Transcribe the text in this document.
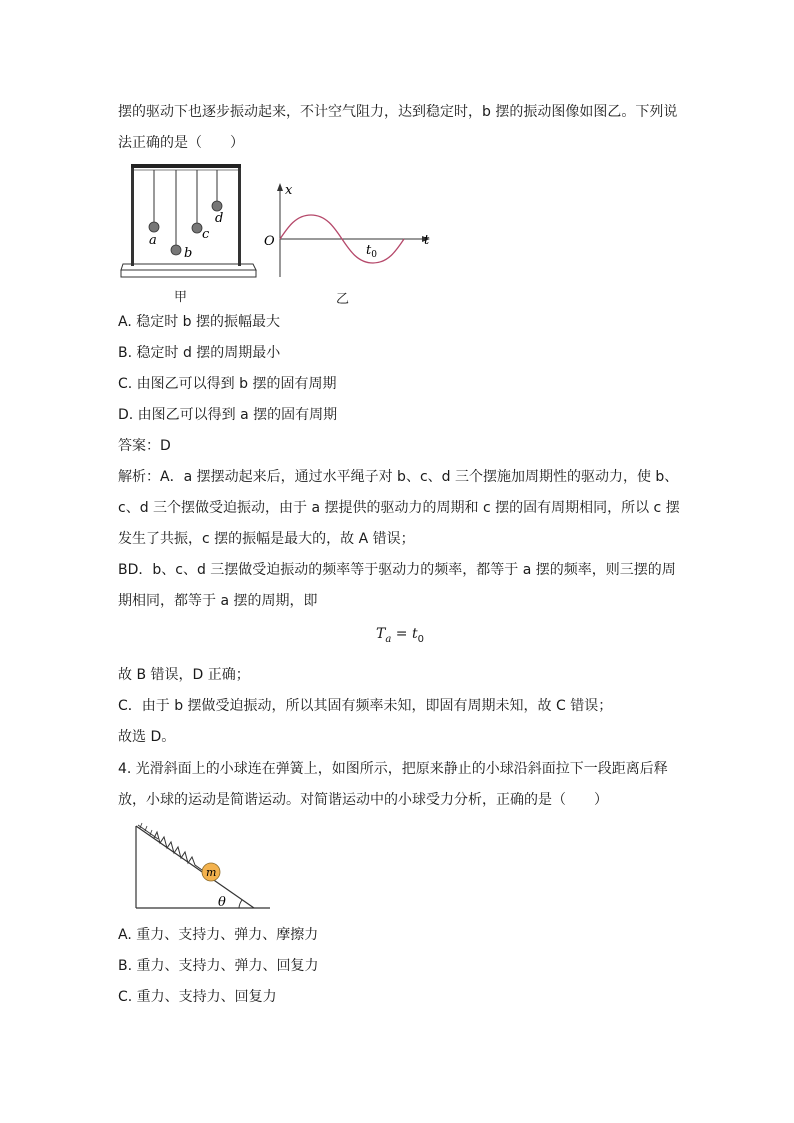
摆的驱动下也逐步振动起来，不计空气阻力，达到稳定时，b 摆的振动图像如图乙。下列说
法正确的是（　　）
a
b
c
d
甲
x
t
O
$t_0$
乙
A. 稳定时 b 摆的振幅最大
B. 稳定时 d 摆的周期最小
C. 由图乙可以得到 b 摆的固有周期
D. 由图乙可以得到 a 摆的固有周期
答案：D
解析：A．a 摆摆动起来后，通过水平绳子对 b、c、d 三个摆施加周期性的驱动力，使 b、
c、d 三个摆做受迫振动，由于 a 摆提供的驱动力的周期和 c 摆的固有周期相同，所以 c 摆
发生了共振，c 摆的振幅是最大的，故 A 错误；
BD．b、c、d 三摆做受迫振动的频率等于驱动力的频率，都等于 a 摆的频率，则三摆的周
期相同，都等于 a 摆的周期，即
$T_a = t_0$
故 B 错误，D 正确；
C．由于 b 摆做受迫振动，所以其固有频率未知，即固有周期未知，故 C 错误；
故选 D。
4. 光滑斜面上的小球连在弹簧上，如图所示，把原来静止的小球沿斜面拉下一段距离后释
放，小球的运动是简谐运动。对简谐运动中的小球受力分析，正确的是（　　）
m
θ
A. 重力、支持力、弹力、摩擦力
B. 重力、支持力、弹力、回复力
C. 重力、支持力、回复力
